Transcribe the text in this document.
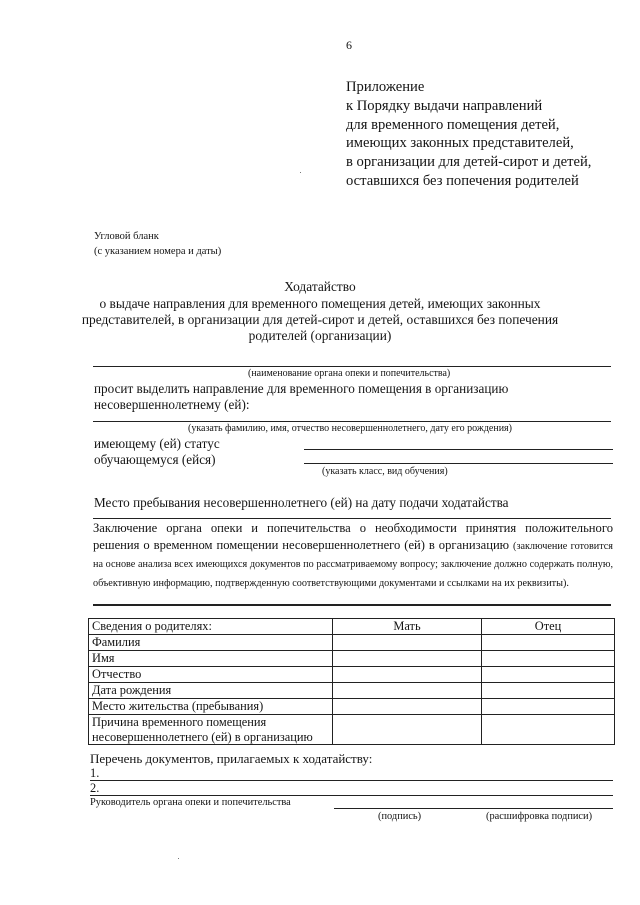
6
Приложение
к Порядку выдачи направлений
для временного помещения детей,
имеющих законных представителей,
в организации для детей-сирот и детей,
оставшихся без попечения родителей
Угловой бланк
(с указанием номера и даты)
Ходатайство
о выдаче направления для временного помещения детей, имеющих законных
представителей, в организации для детей-сирот и детей, оставшихся без попечения
родителей (организации)
(наименование органа опеки и попечительства)
просит выделить направление для временного помещения в организацию
несовершеннолетнему (ей):
(указать фамилию, имя, отчество несовершеннолетнего, дату его рождения)
имеющему (ей) статус
обучающемуся (ейся)
(указать класс, вид обучения)
Место пребывания несовершеннолетнего (ей) на дату подачи ходатайства
Заключение органа опеки и попечительства о необходимости принятия положительного решения о временном помещении несовершеннолетнего (ей) в организацию (заключение готовится на основе анализа всех имеющихся документов по рассматриваемому вопросу; заключение должно содержать полную, объективную информацию, подтвержденную соответствующими документами и ссылками на их реквизиты).
Сведения о родителях:	Мать	Отец
Фамилия		
Имя		
Отчество		
Дата рождения		
Место жительства (пребывания)		

Причина временного помещения
несовершеннолетнего (ей) в организацию		

Перечень документов, прилагаемых к ходатайству:
1.
2.
Руководитель органа опеки и попечительства
(подпись)	(расшифровка подписи)
